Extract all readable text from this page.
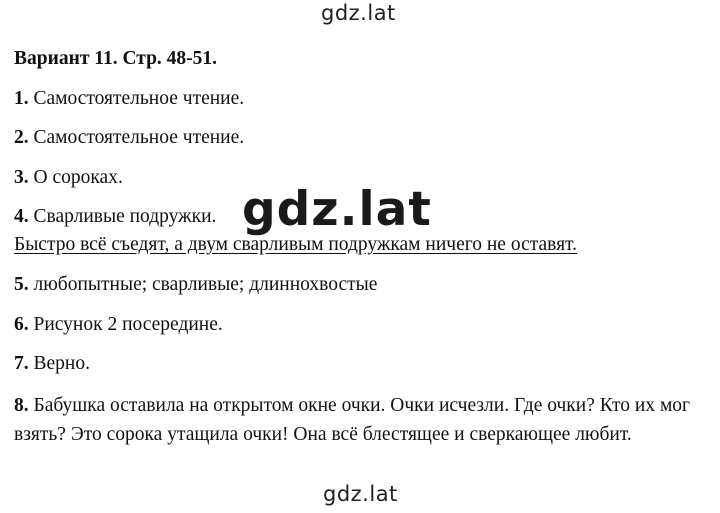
gdz.lat
Вариант 11. Стр. 48-51.
1. Самостоятельное чтение.
2. Самостоятельное чтение.
3. О сороках.
4. Сварливые подружки.
Быстро всё съедят, а двум сварливым подружкам ничего не оставят.
5. любопытные; сварливые; длиннохвостые
6. Рисунок 2 посередине.
7. Верно.
8. Бабушка оставила на открытом окне очки. Очки исчезли. Где очки? Кто их мог взять? Это сорока утащила очки! Она всё блестящее и сверкающее любит.
gdz.lat
gdz.lat
